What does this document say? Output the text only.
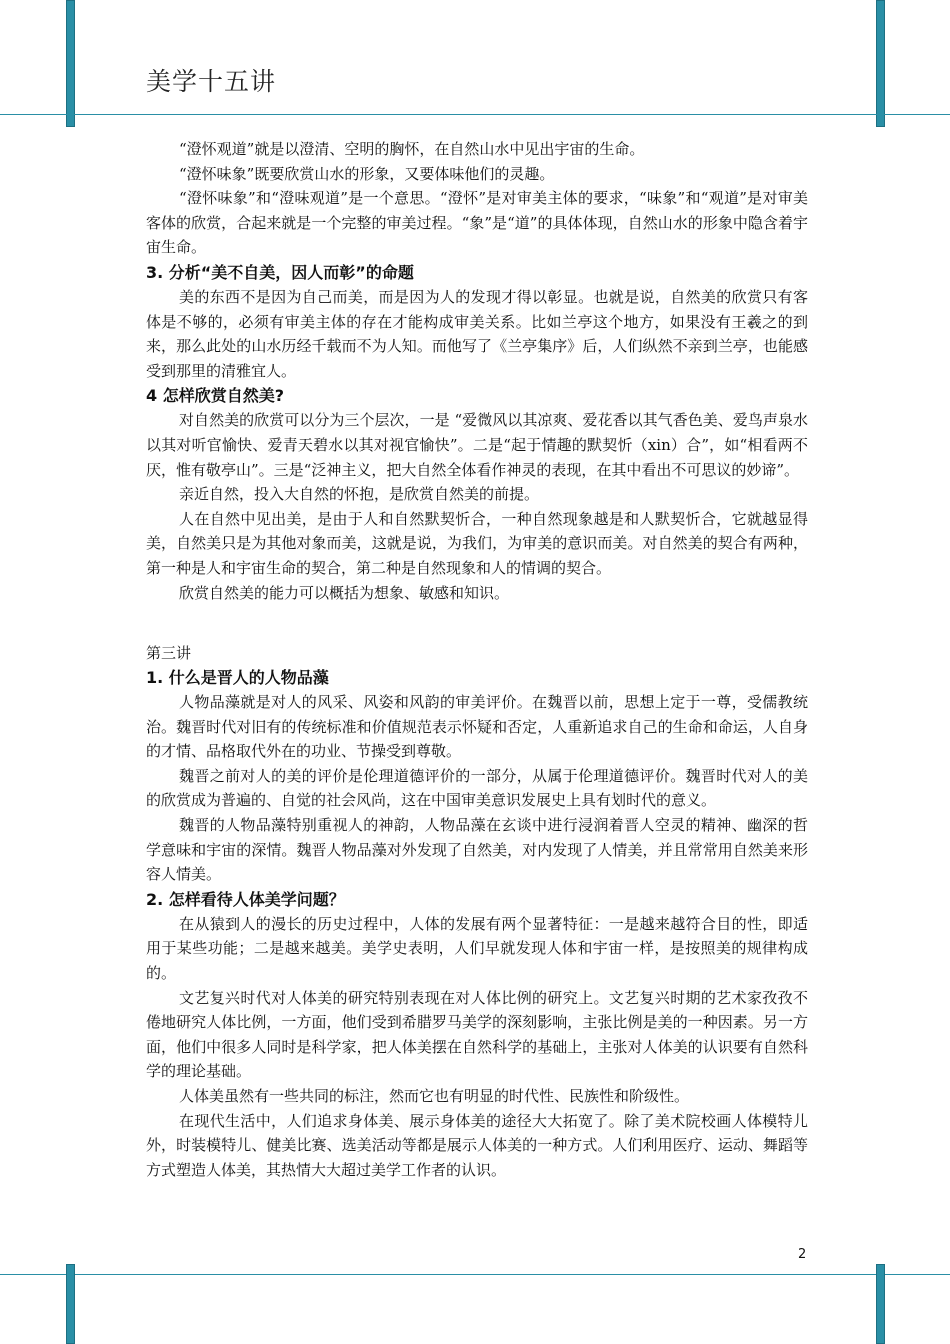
美学十五讲

“澄怀观道”就是以澄清、空明的胸怀，在自然山水中见出宇宙的生命。

“澄怀味象”既要欣赏山水的形象，又要体味他们的灵趣。

“澄怀味象”和“澄味观道”是一个意思。“澄怀”是对审美主体的要求，“味象”和“观道”是对审美客体的欣赏，合起来就是一个完整的审美过程。“象”是“道”的具体体现，自然山水的形象中隐含着宇宙生命。

3. 分析“美不自美，因人而彰”的命题

美的东西不是因为自己而美，而是因为人的发现才得以彰显。也就是说，自然美的欣赏只有客体是不够的，必须有审美主体的存在才能构成审美关系。比如兰亭这个地方，如果没有王羲之的到来，那么此处的山水历经千载而不为人知。而他写了《兰亭集序》后，人们纵然不亲到兰亭，也能感受到那里的清雅宜人。

4 怎样欣赏自然美?

对自然美的欣赏可以分为三个层次，一是 “爱微风以其凉爽、爱花香以其气香色美、爱鸟声泉水以其对听官愉快、爱青天碧水以其对视官愉快”。二是“起于情趣的默契忻（xin）合”，如“相看两不厌，惟有敬亭山”。三是“泛神主义，把大自然全体看作神灵的表现，在其中看出不可思议的妙谛”。

亲近自然，投入大自然的怀抱，是欣赏自然美的前提。

人在自然中见出美，是由于人和自然默契忻合，一种自然现象越是和人默契忻合，它就越显得美，自然美只是为其他对象而美，这就是说，为我们，为审美的意识而美。对自然美的契合有两种，第一种是人和宇宙生命的契合，第二种是自然现象和人的情调的契合。

欣赏自然美的能力可以概括为想象、敏感和知识。

第三讲

1. 什么是晋人的人物品藻

人物品藻就是对人的风采、风姿和风韵的审美评价。在魏晋以前，思想上定于一尊，受儒教统治。魏晋时代对旧有的传统标准和价值规范表示怀疑和否定，人重新追求自己的生命和命运，人自身的才情、品格取代外在的功业、节操受到尊敬。

魏晋之前对人的美的评价是伦理道德评价的一部分，从属于伦理道德评价。魏晋时代对人的美的欣赏成为普遍的、自觉的社会风尚，这在中国审美意识发展史上具有划时代的意义。

魏晋的人物品藻特别重视人的神韵，人物品藻在玄谈中进行浸润着晋人空灵的精神、幽深的哲学意味和宇宙的深情。魏晋人物品藻对外发现了自然美，对内发现了人情美，并且常常用自然美来形容人情美。

2. 怎样看待人体美学问题？

在从猿到人的漫长的历史过程中，人体的发展有两个显著特征：一是越来越符合目的性，即适用于某些功能；二是越来越美。美学史表明，人们早就发现人体和宇宙一样，是按照美的规律构成的。

文艺复兴时代对人体美的研究特别表现在对人体比例的研究上。文艺复兴时期的艺术家孜孜不倦地研究人体比例，一方面，他们受到希腊罗马美学的深刻影响，主张比例是美的一种因素。另一方面，他们中很多人同时是科学家，把人体美摆在自然科学的基础上，主张对人体美的认识要有自然科学的理论基础。

人体美虽然有一些共同的标注，然而它也有明显的时代性、民族性和阶级性。

在现代生活中，人们追求身体美、展示身体美的途径大大拓宽了。除了美术院校画人体模特儿外，时装模特儿、健美比赛、选美活动等都是展示人体美的一种方式。人们利用医疗、运动、舞蹈等方式塑造人体美，其热情大大超过美学工作者的认识。

2
